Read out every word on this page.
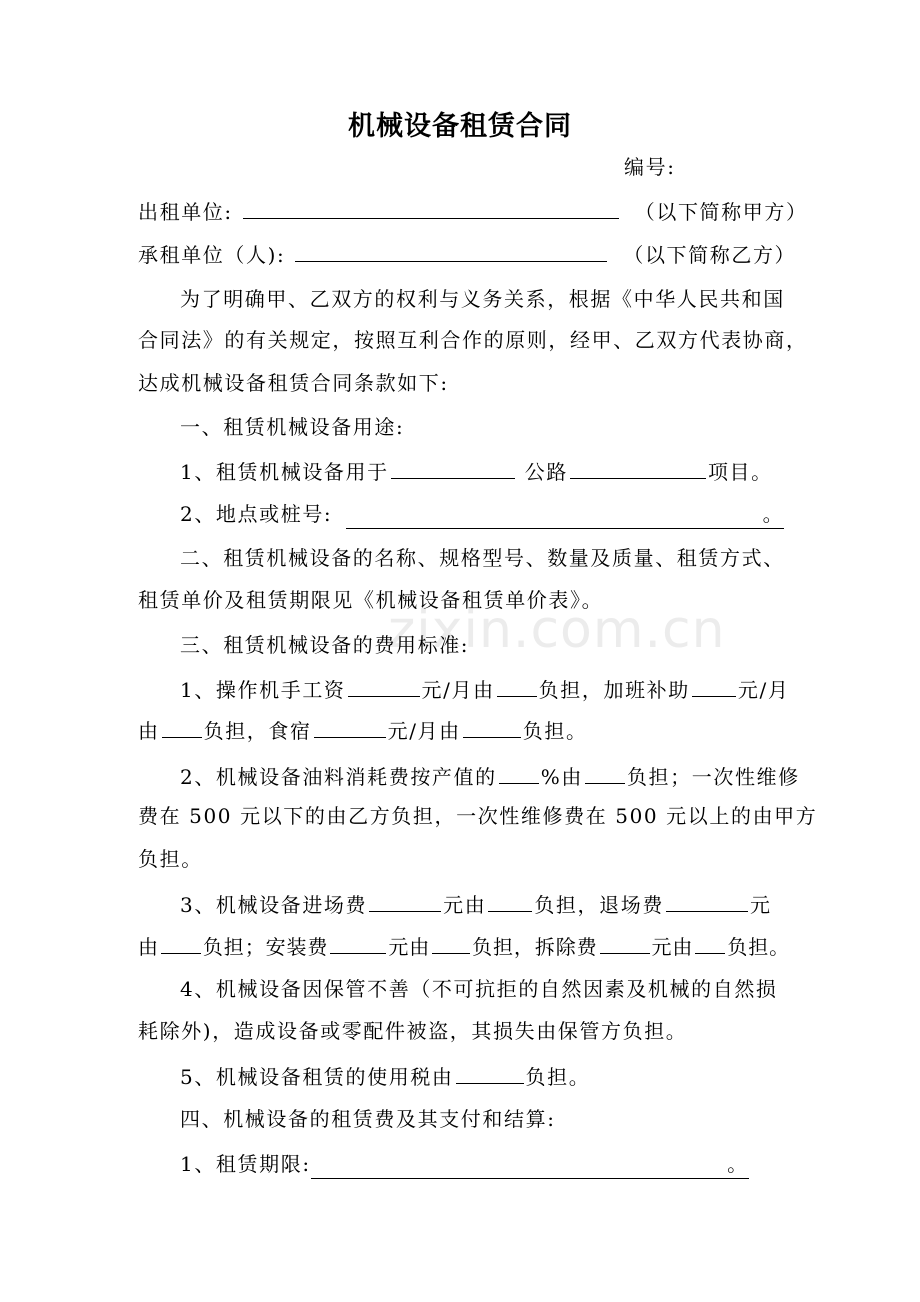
zixin.com.cn
机械设备租赁合同
编号:
出租单位:	（以下简称甲方）
承租单位（人):	（以下简称乙方）
为了明确甲、乙双方的权利与义务关系，根据《中华人民共和国
合同法》的有关规定，按照互利合作的原则，经甲、乙双方代表协商，
达成机械设备租赁合同条款如下:
一、租赁机械设备用途:
1、租赁机械设备用于	公路	项目。
2、地点或桩号:	。
二、租赁机械设备的名称、规格型号、数量及质量、租赁方式、
租赁单价及租赁期限见《机械设备租赁单价表》。
三、租赁机械设备的费用标准:
1、操作机手工资	元/月由 负担，加班补助 元/月
由 负担，食宿	元/月由	负担。
2、机械设备油料消耗费按产值的 %由 负担；一次性维修
费在 500 元以下的由乙方负担，一次性维修费在 500 元以上的由甲方
负担。
3、机械设备进场费	元由 负担，退场费	元
由 负担；安装费	元由 负担，拆除费	元由 负担。
4、机械设备因保管不善（不可抗拒的自然因素及机械的自然损
耗除外)，造成设备或零配件被盗，其损失由保管方负担。
5、机械设备租赁的使用税由	负担。
四、机械设备的租赁费及其支付和结算:
1、租赁期限:	。
